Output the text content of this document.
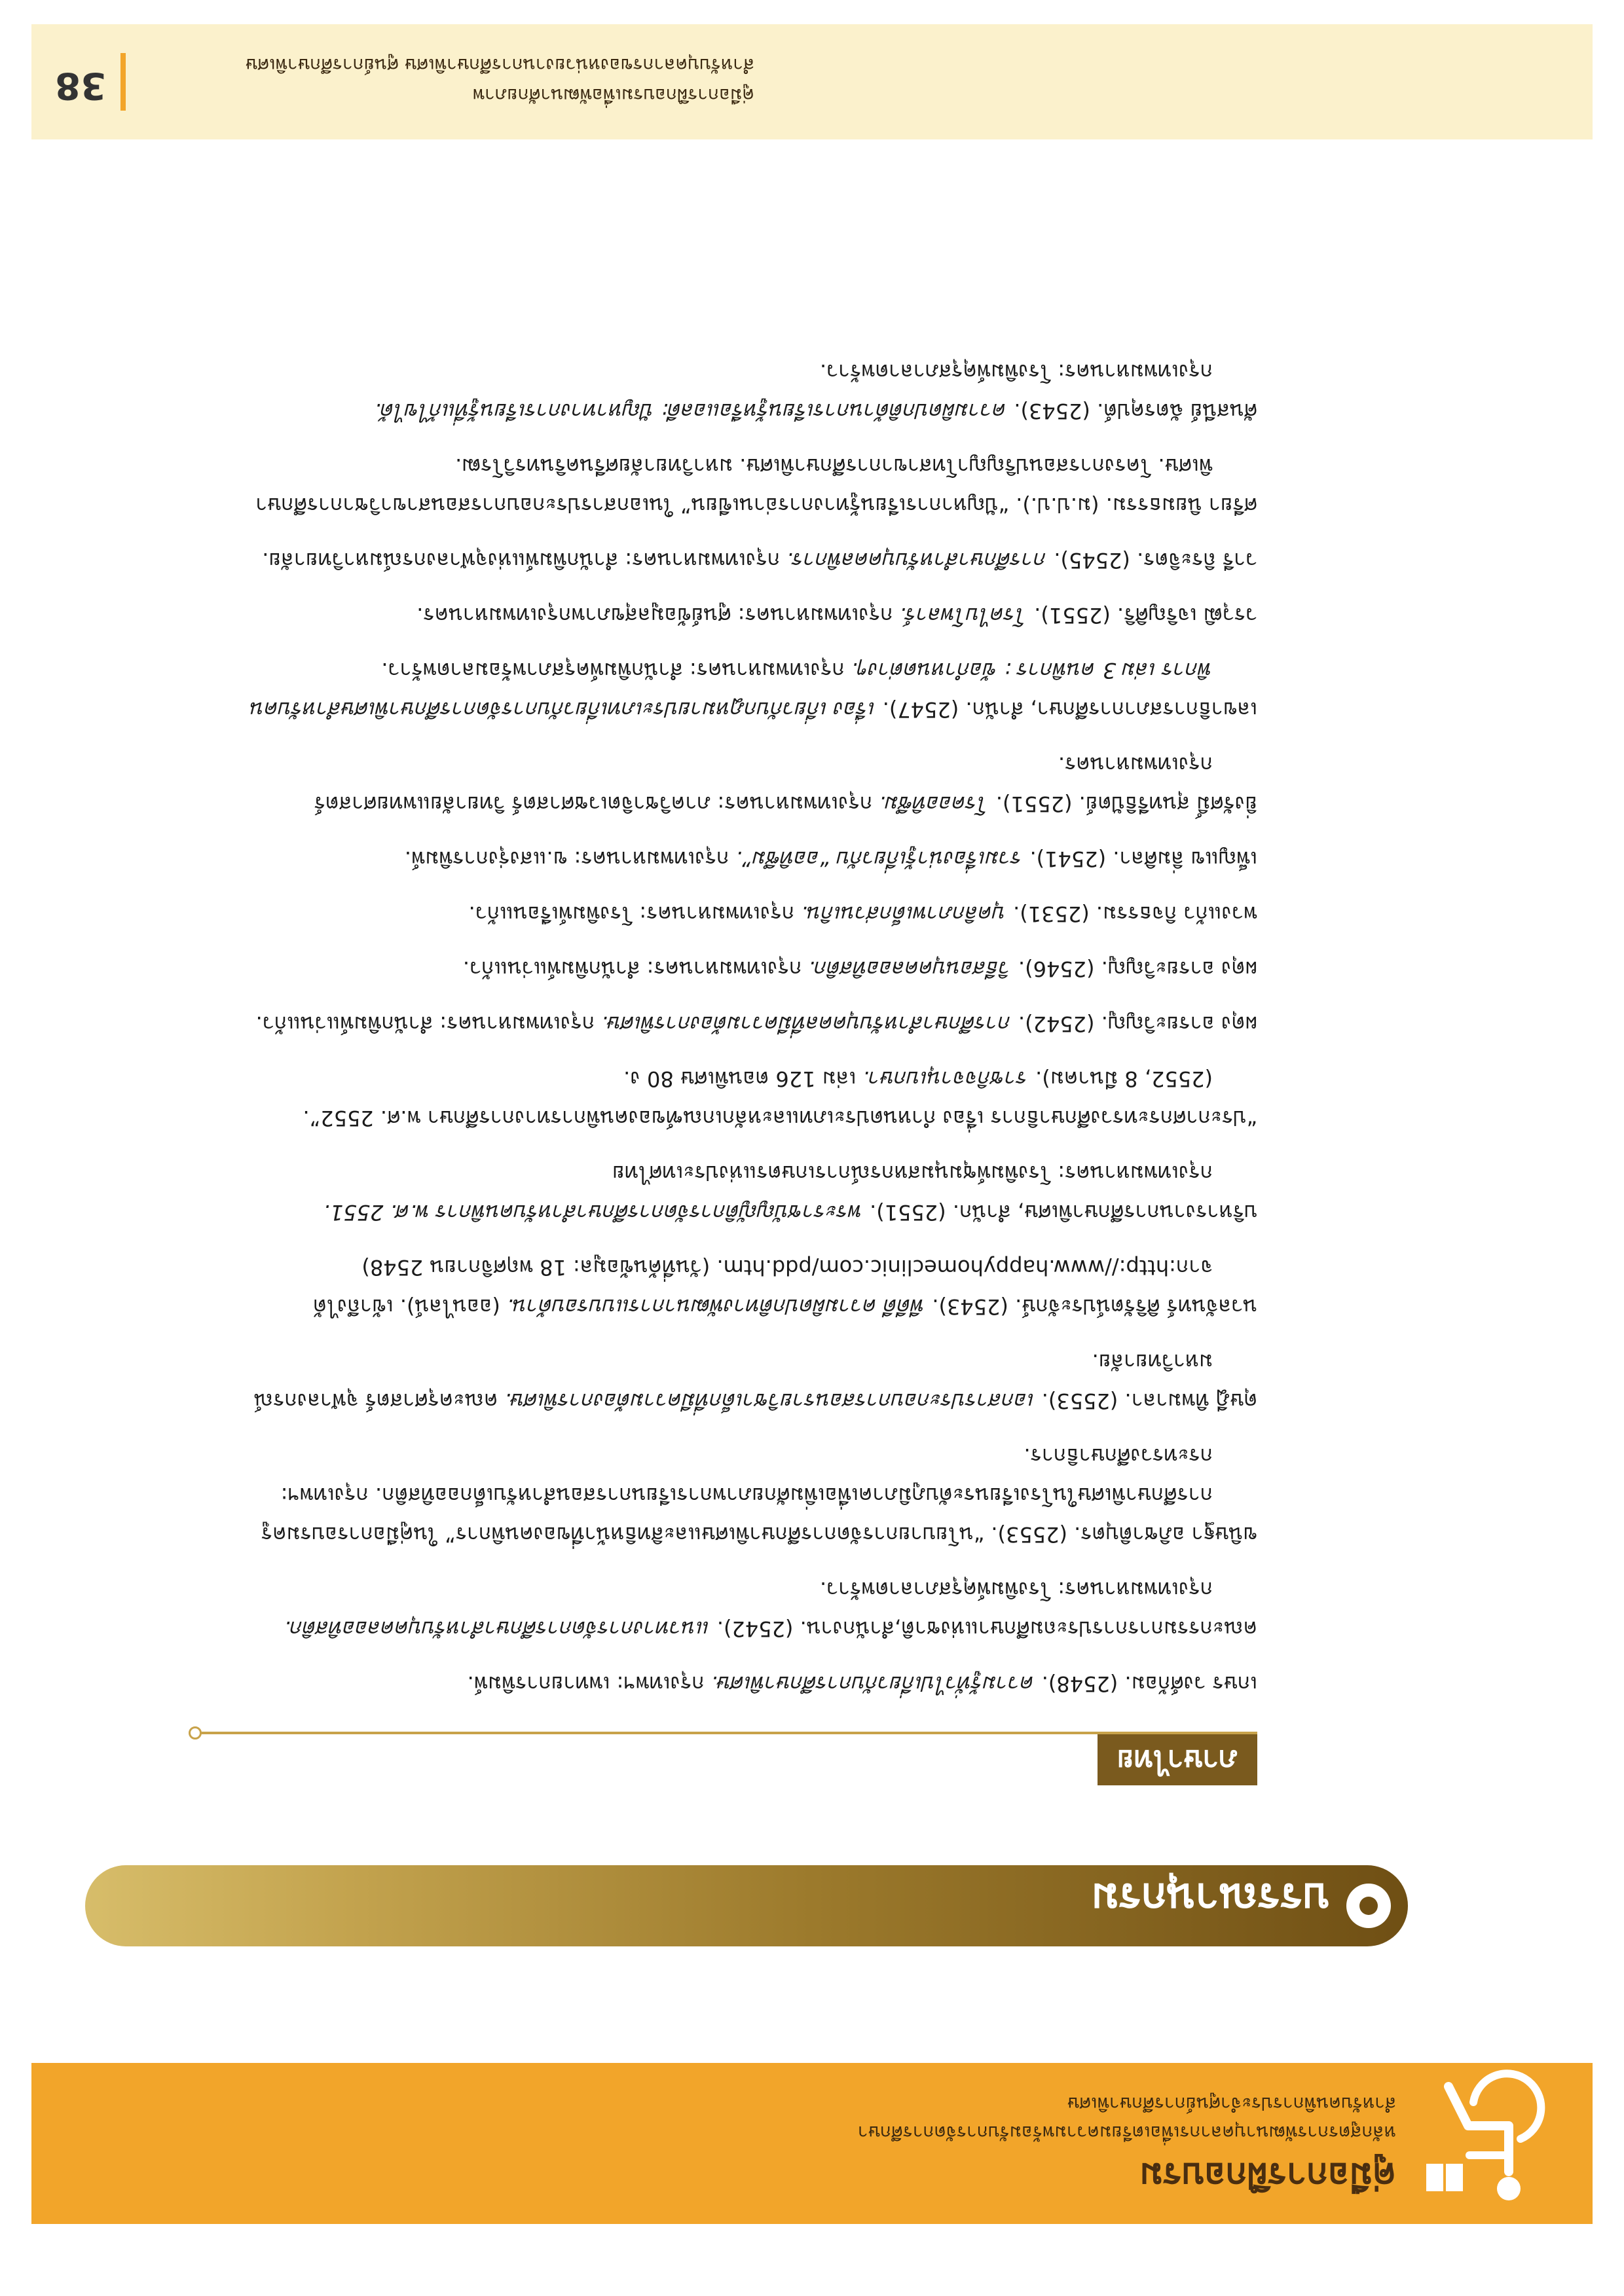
คู่มือการฝึกอบรม
หลักสูตรการพัฒนาบุคลากรเพื่อเตรียมความพร้อมรับการจัดการศึกษา
สำหรับคนพิการประจำศูนย์การศึกษาพิเศษ
บรรณานุกรม
ภาษาไทย
เกษร วงศ์ก้อม. (2548). ความรู้ทั่วไปเกี่ยวกับการศึกษาพิเศษ. กรุงเทพฯ: เพทายการพิมพ์.
คณะกรรมการการประถมศึกษาแห่งชาติ,สำนักงาน. (2542). แนวทางการจัดการศึกษาสำหรับบุคคลออทิสติก. กรุงเทพมหานคร: โรงพิมพ์คุรุสภาลาดพร้าว.
ขนิษฐา อภิชาติบุตร. (2553). “นโยบายการจัดการศึกษาพิเศษและสิทธิหน้าที่ของคนพิการ” ในคู่มือการอบรมครูการศึกษาพิเศษในโรงเรียนระดับภูมิภาคเพื่อเพิ่มศักยภาพการเรียนการสอนสำหรับเด็กออทิสติก. กรุงเทพฯ: กระทรวงศึกษาธิการ.
ดุษฎี ทิพมาลา. (2553). เอกสารประกอบการสอนรายวิชาเด็กที่มีความต้องการพิเศษ. คณะครุศาสตร์ จุฬาลงกรณ์มหาวิทยาลัย.
นวลจันทร์ ศิริรัตน์ประจักษ์. (2543). พีดีดี ความผิดปกติทางพัฒนาการแบบรอบด้าน. (ออนไลน์). เข้าถึงได้จาก:http://www.happyhomeclinic.com/pdd.htm. (วันที่ค้นข้อมูล: 18 พฤศจิกายน 2548)
บริหารงานการศึกษาพิเศษ, สำนัก. (2551). พระราชบัญญัติการจัดการศึกษาสำหรับคนพิการ พ.ศ. 2551. กรุงเทพมหานคร: โรงพิมพ์ชุมนุมสหกรณ์การเกษตรแห่งประเทศไทย
“ประกาศกระทรวงศึกษาธิการ เรื่อง กำหนดประเภทและหลักเกณฑ์ของคนพิการทางการศึกษา พ.ศ. 2552”. (2552, 8 มีนาคม). ราชกิจจานุเบกษา. เล่ม 126 ตอนพิเศษ 80 ง.
ผดุง อารยะวิญญู. (2542). การศึกษาสำหรับบุคคลที่มีความต้องการพิเศษ. กรุงเทพมหานคร: สำนักพิมพ์แว่นแก้ว.
ผดุง อารยะวิญญู. (2546). วิธีสอนบุคคลออทิสติก. กรุงเทพมหานคร: สำนักพิมพ์แว่นแก้ว.
พวงแก้ว กิจธรรม. (2531). บุคลิกภาพเด็กส่วนเกิน. กรุงเทพมหานคร: โรงพิมพ์เรือนแก้ว.
เพ็ญแข ลิ่มศิลา. (2541). รวมเรื่องน่ารู้เกี่ยวกับ “ออทิซึม”. กรุงเทพมหานคร: ข.แสงรุ่งการพิมพ์.
ยิ่งรัศมิ์ สุนทรีธิปัตย์. (2551). โรคออทิซึม. กรุงเทพมหานคร: ภาควิชาจิตเวชศาสตร์ วิทยาลัยแพทยศาสตร์กรุงเทพมหานคร.
เลขาธิการสภาการศึกษา, สำนัก. (2547). เรื่อง เกี่ยวกับกฎหมายประเภทเกี่ยวกับการจัดการศึกษาพิเศษสำหรับคนพิการ เล่ม 3 คนพิการ : ข้อกำหนดต่างๆ. กรุงเทพมหานคร: สำนักพิมพ์ครุสภาพร้อมลาดพร้าว.
วรวุฒิ เจริญศิริ. (2551). โรคไบโพลาร์. กรุงเทพมหานคร: ศูนย์ข้อมูลสุขภาพกรุงเทพมหานคร.
วารี ถิระจิตร. (2545). การศึกษาสำหรับบุคคลพิการ. กรุงเทพมหานคร: สำนักพิมพ์แห่งจุฬาลงกรณ์มหาวิทยาลัย.
ศรียา นิยมธรรม. (ม.ป.ป.). “ปัญหาการเรียนรู้ทางการอ่านเขียน” ในเอกสารประกอบการสอนสาขาวิชาการศึกษาพิเศษ. โครงการสอนปริญญาโทสาขาการศึกษาพิเศษ. มหาวิทยาลัยศรีนครินทรวิโรฒ.
ศันสนีย์ ฉัตรคุปต์. (2543). ความผิดปกติด้านการเรียนรู้หรือแอลดี: ปัญหาทางการเรียนรู้ที่แก้ไขได้. กรุงเทพมหานคร: โรงพิมพ์คุรุสภาลาดพร้าว.
คู่มือการฝึกอบรมเพื่อพัฒนาศักยภาพ
สำหรับบุคลากรของหน่วยงานการศึกษาพิเศษ ศูนย์การศึกษาพิเศษ
38
